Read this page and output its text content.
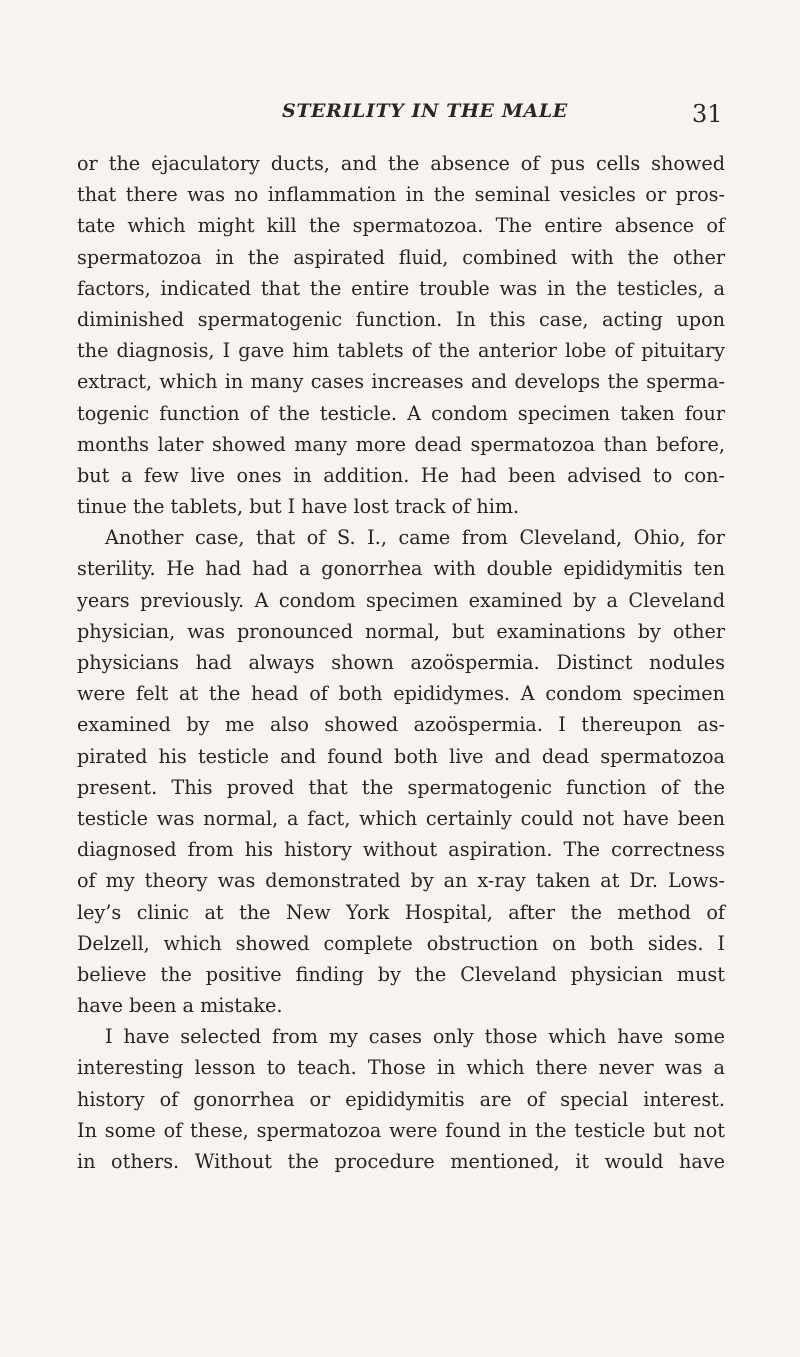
STERILITY IN THE MALE	31
or the ejaculatory ducts, and the absence of pus cells showed
that there was no inflammation in the seminal vesicles or pros-
tate which might kill the spermatozoa. The entire absence of
spermatozoa in the aspirated fluid, combined with the other
factors, indicated that the entire trouble was in the testicles, a
diminished spermatogenic function. In this case, acting upon
the diagnosis, I gave him tablets of the anterior lobe of pituitary
extract, which in many cases increases and develops the sperma-
togenic function of the testicle. A condom specimen taken four
months later showed many more dead spermatozoa than before,
but a few live ones in addition. He had been advised to con-
tinue the tablets, but I have lost track of him.
Another case, that of S. I., came from Cleveland, Ohio, for
sterility. He had had a gonorrhea with double epididymitis ten
years previously. A condom specimen examined by a Cleveland
physician, was pronounced normal, but examinations by other
physicians had always shown azoöspermia. Distinct nodules
were felt at the head of both epididymes. A condom specimen
examined by me also showed azoöspermia. I thereupon as-
pirated his testicle and found both live and dead spermatozoa
present. This proved that the spermatogenic function of the
testicle was normal, a fact, which certainly could not have been
diagnosed from his history without aspiration. The correctness
of my theory was demonstrated by an x-ray taken at Dr. Lows-
ley’s clinic at the New York Hospital, after the method of
Delzell, which showed complete obstruction on both sides. I
believe the positive finding by the Cleveland physician must
have been a mistake.
I have selected from my cases only those which have some
interesting lesson to teach. Those in which there never was a
history of gonorrhea or epididymitis are of special interest.
In some of these, spermatozoa were found in the testicle but not
in others. Without the procedure mentioned, it would have
